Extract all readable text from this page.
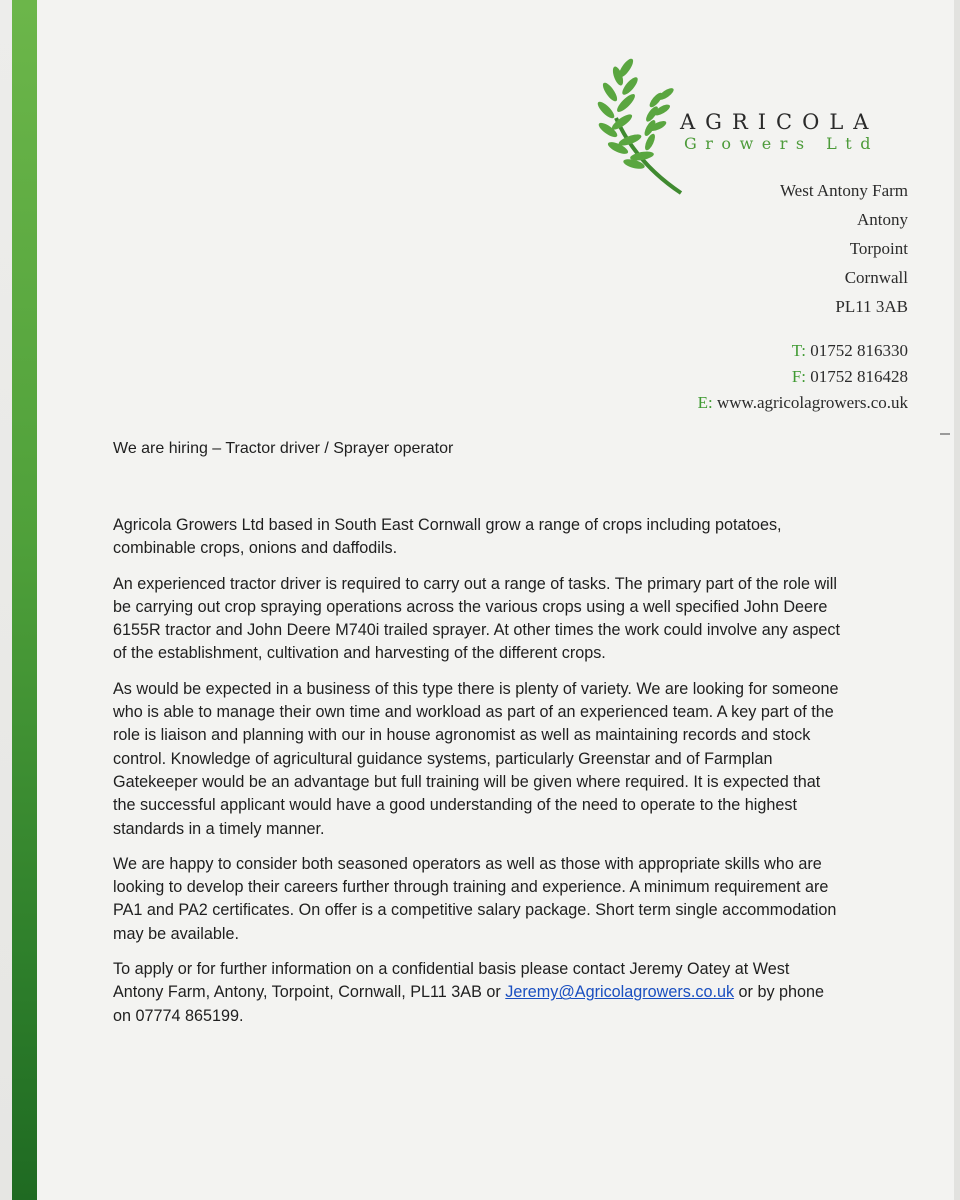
AGRICOLA
Growers Ltd
West Antony Farm
Antony
Torpoint
Cornwall
PL11 3AB
T: 01752 816330
F: 01752 816428
E: www.agricolagrowers.co.uk
We are hiring – Tractor driver / Sprayer operator

Agricola Growers Ltd based in South East Cornwall grow a range of crops including potatoes, combinable crops, onions and daffodils.

An experienced tractor driver is required to carry out a range of tasks. The primary part of the role will be carrying out crop spraying operations across the various crops using a well specified John Deere 6155R tractor and John Deere M740i trailed sprayer. At other times the work could involve any aspect of the establishment, cultivation and harvesting of the different crops.

As would be expected in a business of this type there is plenty of variety. We are looking for someone who is able to manage their own time and workload as part of an experienced team. A key part of the role is liaison and planning with our in house agronomist as well as maintaining records and stock control. Knowledge of agricultural guidance systems, particularly Greenstar and of Farmplan Gatekeeper would be an advantage but full training will be given where required. It is expected that the successful applicant would have a good understanding of the need to operate to the highest standards in a timely manner.

We are happy to consider both seasoned operators as well as those with appropriate skills who are looking to develop their careers further through training and experience. A minimum requirement are PA1 and PA2 certificates. On offer is a competitive salary package. Short term single accommodation may be available.

To apply or for further information on a confidential basis please contact Jeremy Oatey at West Antony Farm, Antony, Torpoint, Cornwall, PL11 3AB or Jeremy@Agricolagrowers.co.uk or by phone on 07774 865199.
